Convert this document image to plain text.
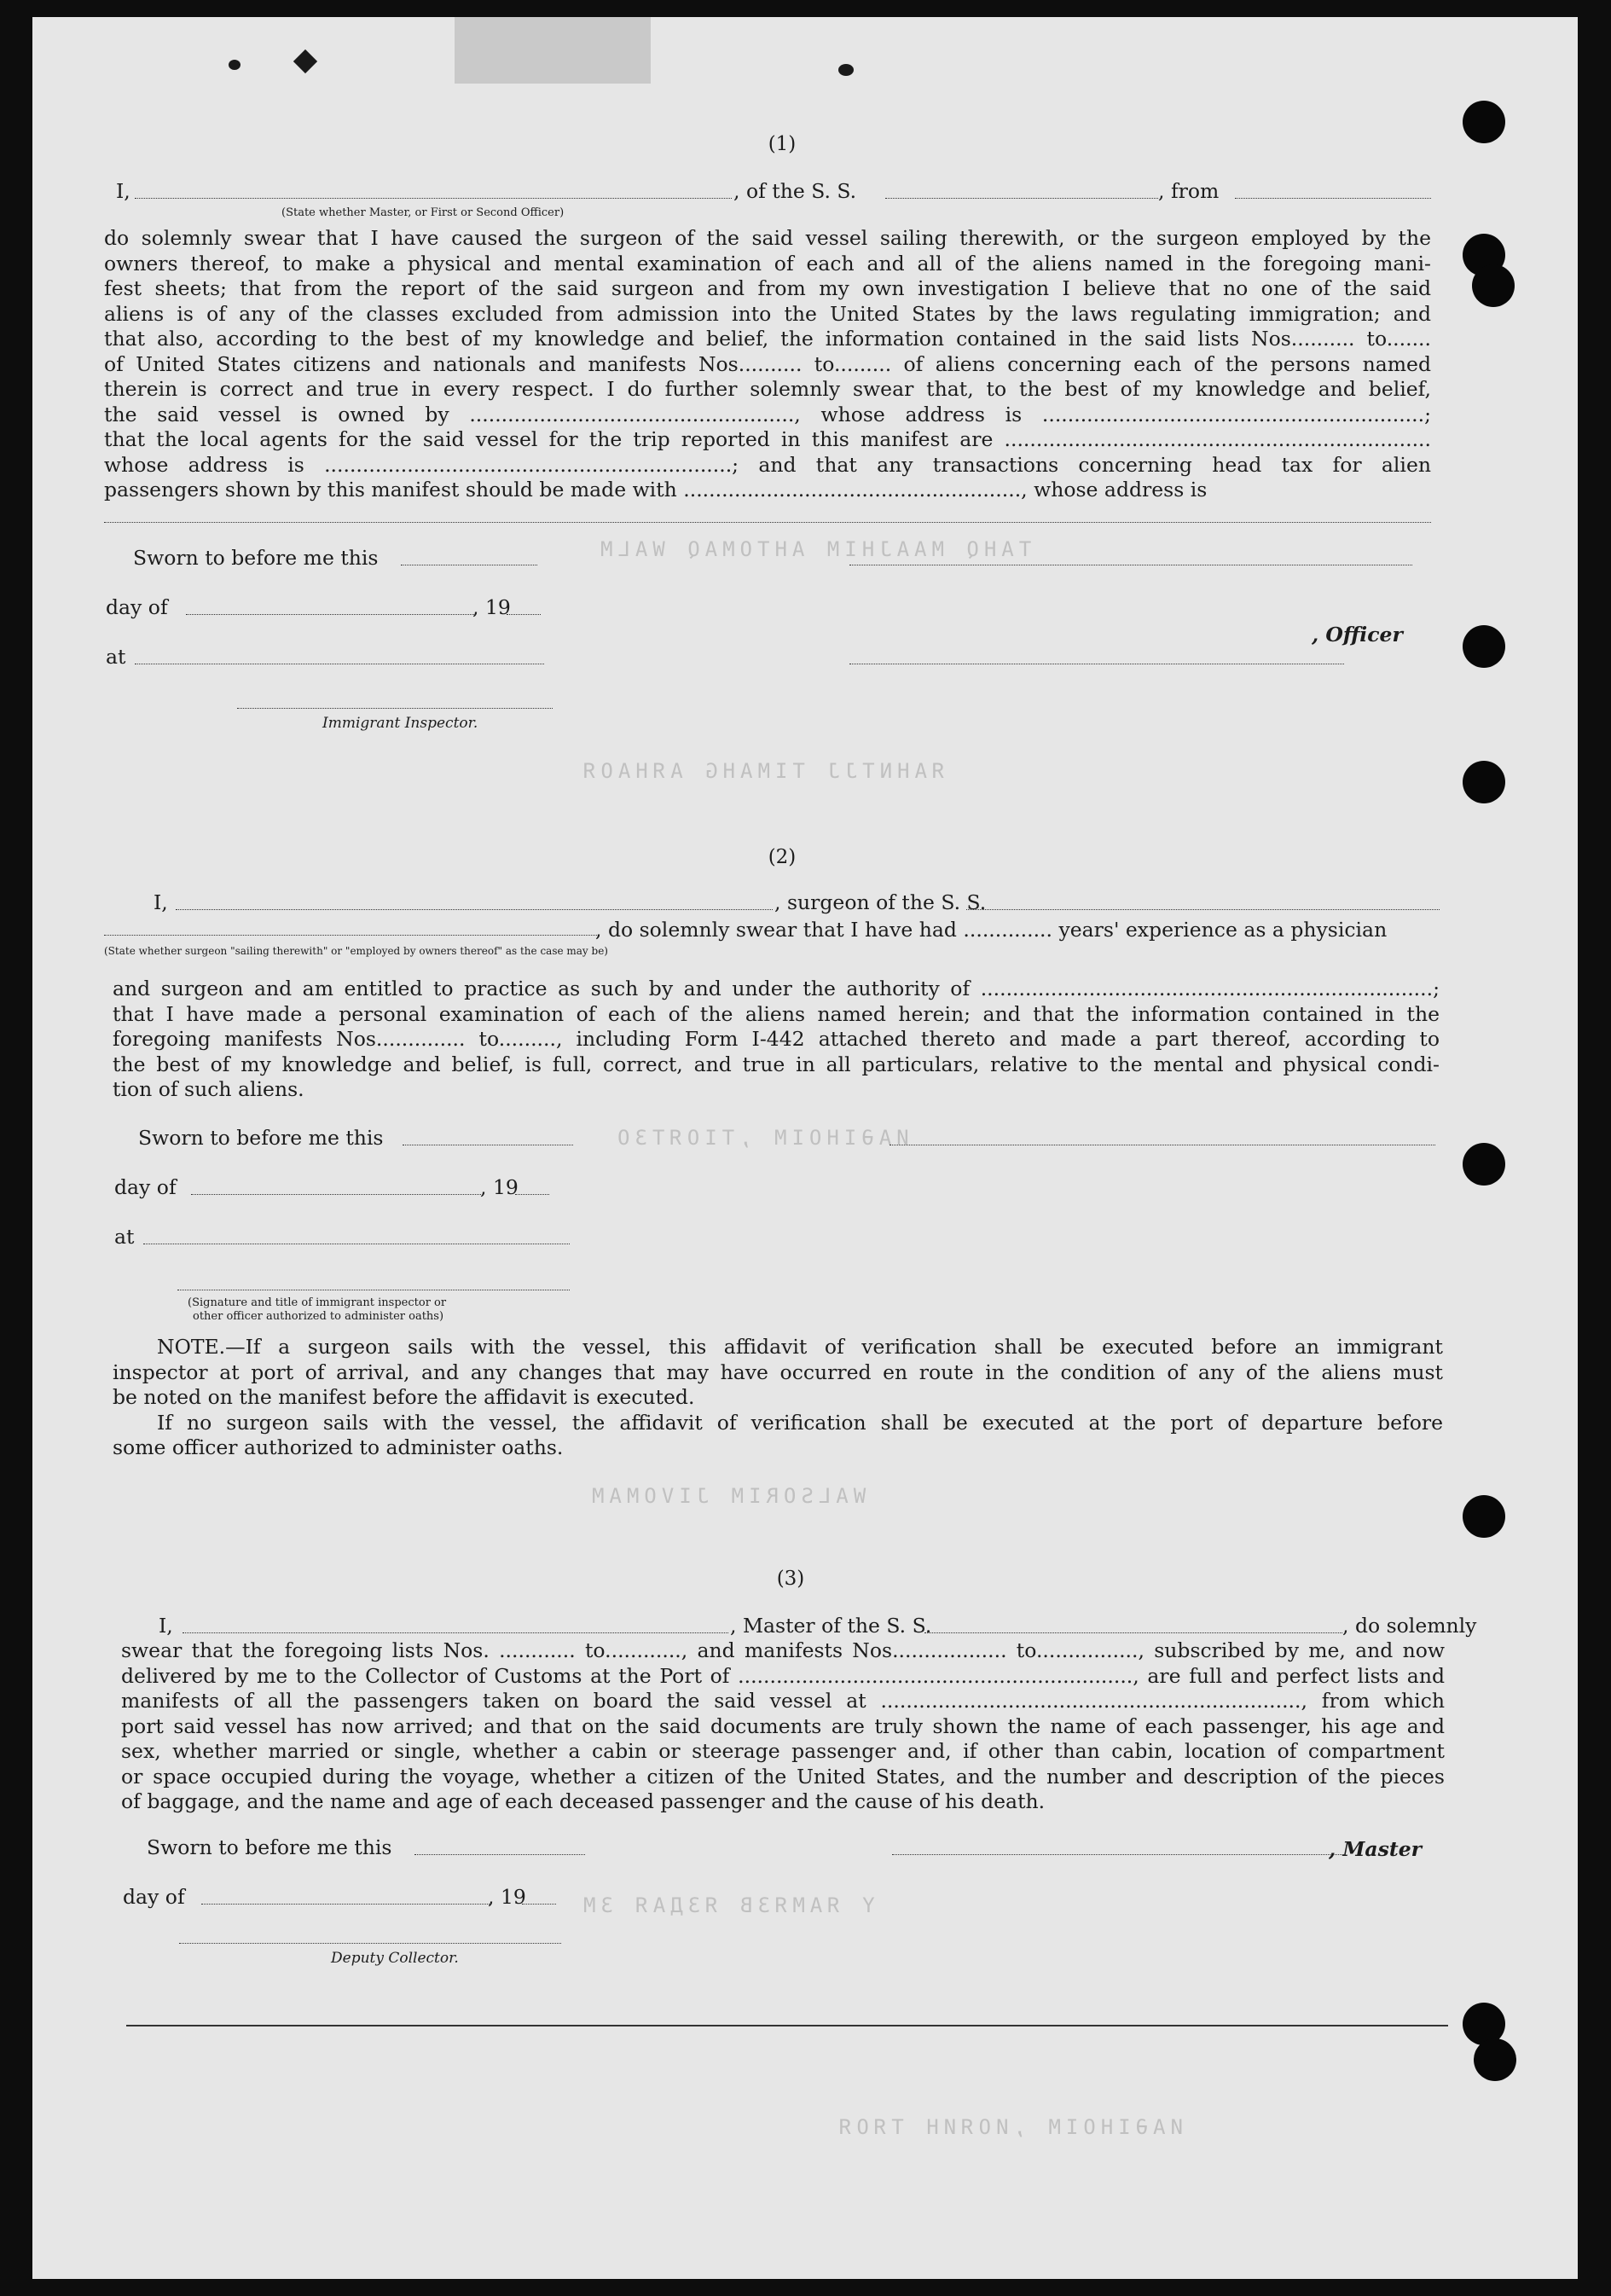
TAHQ MAAJHIM AHTOMAQ WALM
ЯAHNTJJ TIMAHG АЯНАОЯ
ИАӘІНОІМ ,ТІОЯТЗО
WALSORIM JIVOMAM
Y ЯАМЯЗВ ЯЗДАЯ 3M
ИАӘІНОІМ ,ИОЯИН ТЯОЯ
(1)
I,
(State whether Master, or First or Second Officer)
, of the S. S.	, from
do solemnly swear that I have caused the surgeon of the said vessel sailing therewith, or the surgeon employed by the
owners thereof, to make a physical and mental examination of each and all of the aliens named in the foregoing mani-
fest sheets; that from the report of the said surgeon and from my own investigation I believe that no one of the said
aliens is of any of the classes excluded from admission into the United States by the laws regulating immigration; and
that also, according to the best of my knowledge and belief, the information contained in the said lists Nos.......... to.......
of United States citizens and nationals and manifests Nos.......... to......... of aliens concerning each of the persons named
therein is correct and true in every respect. I do further solemnly swear that, to the best of my knowledge and belief,
the said vessel is owned by ..................................................., whose address is ............................................................;
that the local agents for the said vessel for the trip reported in this manifest are ...................................................................
whose address is ................................................................; and that any transactions concerning head tax for alien
passengers shown by this manifest should be made with ....................................................., whose address is
Sworn to before me this
day of	, 19
at
, Officer
Immigrant Inspector.
(2)
I,	, surgeon of the S. S.
, do solemnly swear that I have had .............. years' experience as a physician
(State whether surgeon "sailing therewith" or "employed by owners thereof" as the case may be)
and surgeon and am entitled to practice as such by and under the authority of .......................................................................;
that I have made a personal examination of each of the aliens named herein; and that the information contained in the
foregoing manifests Nos.............. to........., including Form I-442 attached thereto and made a part thereof, according to
the best of my knowledge and belief, is full, correct, and true in all particulars, relative to the mental and physical condi-
tion of such aliens.
Sworn to before me this
day of	, 19
at
(Signature and title of immigrant inspector or
other officer authorized to administer oaths)
NOTE.—If a surgeon sails with the vessel, this affidavit of verification shall be executed before an immigrant
inspector at port of arrival, and any changes that may have occurred en route in the condition of any of the aliens must
be noted on the manifest before the affidavit is executed.
If no surgeon sails with the vessel, the affidavit of verification shall be executed at the port of departure before
some officer authorized to administer oaths.
(3)
I,	, Master of the S. S.	, do solemnly
swear that the foregoing lists Nos. ............ to............, and manifests Nos.................. to................, subscribed by me, and now
delivered by me to the Collector of Customs at the Port of .............................................................., are full and perfect lists and
manifests of all the passengers taken on board the said vessel at .................................................................., from which
port said vessel has now arrived; and that on the said documents are truly shown the name of each passenger, his age and
sex, whether married or single, whether a cabin or steerage passenger and, if other than cabin, location of compartment
or space occupied during the voyage, whether a citizen of the United States, and the number and description of the pieces
of baggage, and the name and age of each deceased passenger and the cause of his death.
Sworn to before me this	, Master
day of	, 19
Deputy Collector.
